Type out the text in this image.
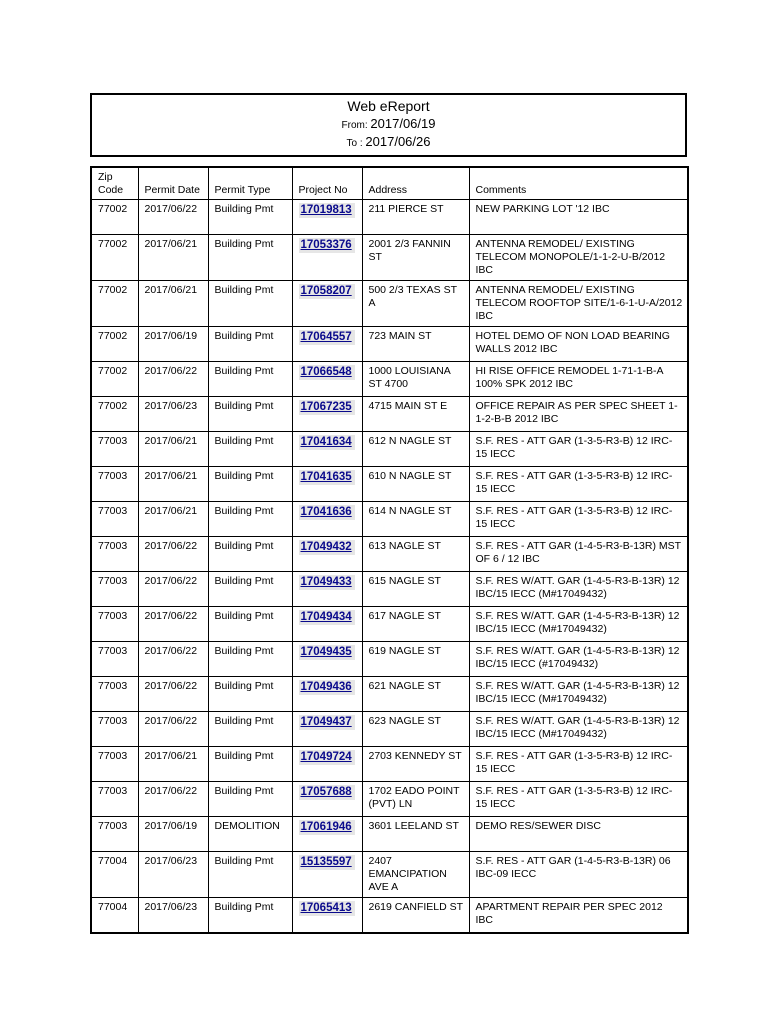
Web eReport
From: 2017/06/19
To : 2017/06/26
Zip Code	Permit Date	Permit Type	Project No	Address	Comments
77002	2017/06/22	Building Pmt	17019813	211 PIERCE ST	NEW PARKING LOT '12 IBC
77002	2017/06/21	Building Pmt	17053376	2001 2/3 FANNIN ST	ANTENNA REMODEL/ EXISTING TELECOM MONOPOLE/1-1-2-U-B/2012 IBC
77002	2017/06/21	Building Pmt	17058207	500 2/3 TEXAS ST A	ANTENNA REMODEL/ EXISTING TELECOM ROOFTOP SITE/1-6-1-U-A/2012 IBC
77002	2017/06/19	Building Pmt	17064557	723 MAIN ST	HOTEL DEMO OF NON LOAD BEARING WALLS 2012 IBC
77002	2017/06/22	Building Pmt	17066548	1000 LOUISIANA ST 4700	HI RISE OFFICE REMODEL 1-71-1-B-A 100% SPK 2012 IBC
77002	2017/06/23	Building Pmt	17067235	4715 MAIN ST E	OFFICE REPAIR AS PER SPEC SHEET 1-1-2-B-B 2012 IBC
77003	2017/06/21	Building Pmt	17041634	612 N NAGLE ST	S.F. RES - ATT GAR (1-3-5-R3-B) 12 IRC-15 IECC
77003	2017/06/21	Building Pmt	17041635	610 N NAGLE ST	S.F. RES - ATT GAR (1-3-5-R3-B) 12 IRC-15 IECC
77003	2017/06/21	Building Pmt	17041636	614 N NAGLE ST	S.F. RES - ATT GAR (1-3-5-R3-B) 12 IRC-15 IECC
77003	2017/06/22	Building Pmt	17049432	613 NAGLE ST	S.F. RES - ATT GAR (1-4-5-R3-B-13R) MST OF 6 / 12 IBC
77003	2017/06/22	Building Pmt	17049433	615 NAGLE ST	S.F. RES W/ATT. GAR (1-4-5-R3-B-13R) 12 IBC/15 IECC (M#17049432)
77003	2017/06/22	Building Pmt	17049434	617 NAGLE ST	S.F. RES W/ATT. GAR (1-4-5-R3-B-13R) 12 IBC/15 IECC (M#17049432)
77003	2017/06/22	Building Pmt	17049435	619 NAGLE ST	S.F. RES W/ATT. GAR (1-4-5-R3-B-13R) 12 IBC/15 IECC (#17049432)
77003	2017/06/22	Building Pmt	17049436	621 NAGLE ST	S.F. RES W/ATT. GAR (1-4-5-R3-B-13R) 12 IBC/15 IECC (M#17049432)
77003	2017/06/22	Building Pmt	17049437	623 NAGLE ST	S.F. RES W/ATT. GAR (1-4-5-R3-B-13R) 12 IBC/15 IECC (M#17049432)
77003	2017/06/21	Building Pmt	17049724	2703 KENNEDY ST	S.F. RES - ATT GAR (1-3-5-R3-B) 12 IRC-15 IECC
77003	2017/06/22	Building Pmt	17057688	1702 EADO POINT (PVT) LN	S.F. RES - ATT GAR (1-3-5-R3-B) 12 IRC-15 IECC
77003	2017/06/19	DEMOLITION	17061946	3601 LEELAND ST	DEMO RES/SEWER DISC
77004	2017/06/23	Building Pmt	15135597	2407 EMANCIPATION AVE A	S.F. RES - ATT GAR (1-4-5-R3-B-13R) 06 IBC-09 IECC
77004	2017/06/23	Building Pmt	17065413	2619 CANFIELD ST	APARTMENT REPAIR PER SPEC 2012 IBC
